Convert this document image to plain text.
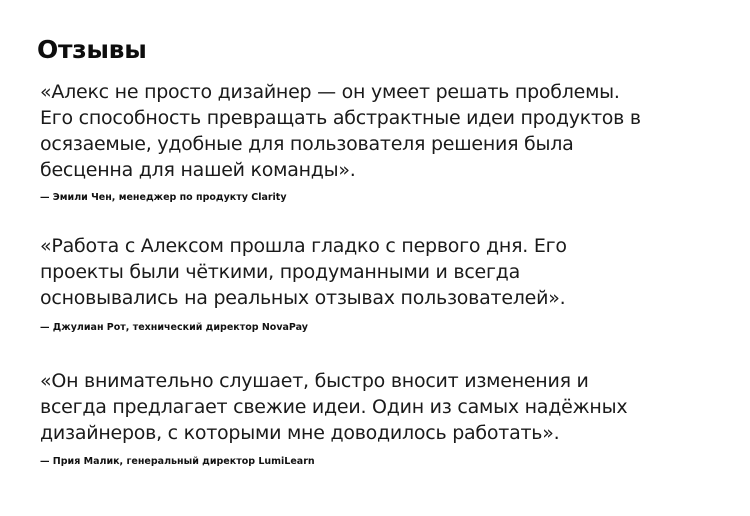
Отзывы

«Алекс не просто дизайнер — он умеет решать проблемы.
Его способность превращать абстрактные идеи продуктов в
осязаемые, удобные для пользователя решения была
бесценна для нашей команды».

— Эмили Чен, менеджер по продукту Clarity

«Работа с Алексом прошла гладко с первого дня. Его
проекты были чёткими, продуманными и всегда
основывались на реальных отзывах пользователей».

— Джулиан Рот, технический директор NovaPay

«Он внимательно слушает, быстро вносит изменения и
всегда предлагает свежие идеи. Один из самых надёжных
дизайнеров, с которыми мне доводилось работать».

— Прия Малик, генеральный директор LumiLearn
